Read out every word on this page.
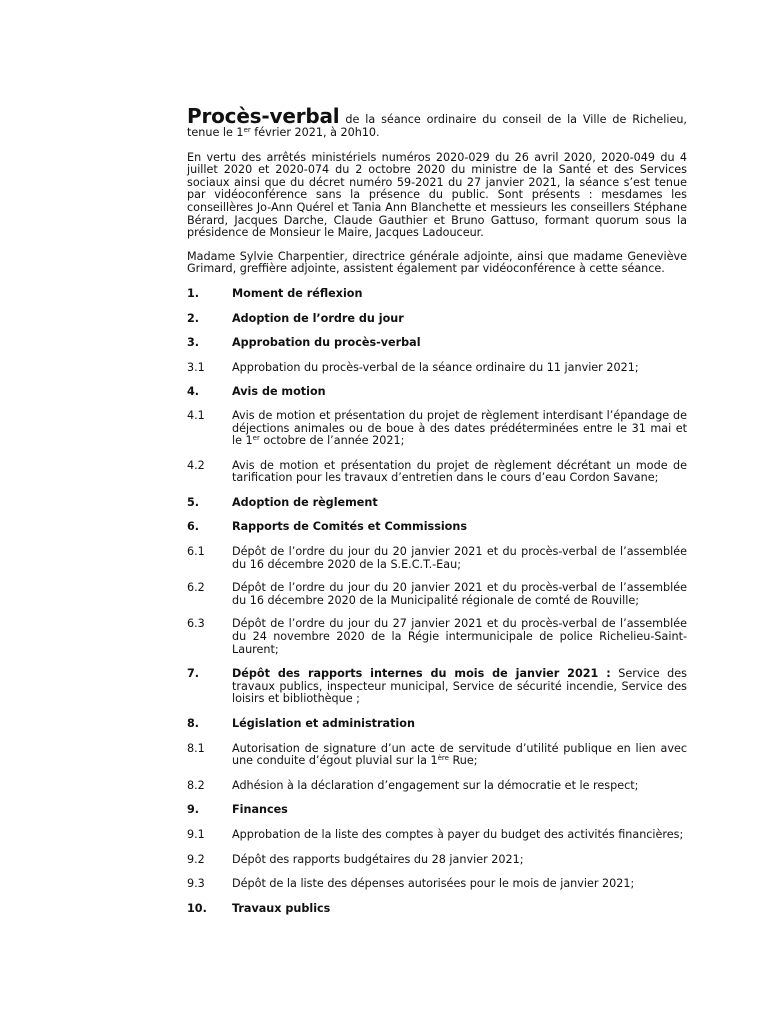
Procès-verbal de la séance ordinaire du conseil de la Ville de Richelieu,
tenue le 1er février 2021, à 20h10.

En vertu des arrêtés ministériels numéros 2020-029 du 26 avril 2020, 2020-049 du 4 juillet 2020 et 2020-074 du 2 octobre 2020 du ministre de la Santé et des Services sociaux ainsi que du décret numéro 59-2021 du 27 janvier 2021, la séance s’est tenue par vidéoconférence sans la présence du public. Sont présents : mesdames les conseillères Jo-Ann Quérel et Tania Ann Blanchette et messieurs les conseillers Stéphane Bérard, Jacques Darche, Claude Gauthier et Bruno Gattuso, formant quorum sous la présidence de Monsieur le Maire, Jacques Ladouceur.

Madame Sylvie Charpentier, directrice générale adjointe, ainsi que madame Geneviève Grimard, greffière adjointe, assistent également par vidéoconférence à cette séance.

1.	Moment de réflexion
2.	Adoption de l’ordre du jour
3.	Approbation du procès-verbal
3.1	Approbation du procès-verbal de la séance ordinaire du 11 janvier 2021;
4.	Avis de motion
4.1	Avis de motion et présentation du projet de règlement interdisant l’épandage de déjections animales ou de boue à des dates prédéterminées entre le 31 mai et le 1er octobre de l’année 2021;
4.2	Avis de motion et présentation du projet de règlement décrétant un mode de tarification pour les travaux d’entretien dans le cours d’eau Cordon Savane;
5.	Adoption de règlement
6.	Rapports de Comités et Commissions
6.1	Dépôt de l’ordre du jour du 20 janvier 2021 et du procès-verbal de l’assemblée du 16 décembre 2020 de la S.E.C.T.-Eau;
6.2	Dépôt de l’ordre du jour du 20 janvier 2021 et du procès-verbal de l’assemblée du 16 décembre 2020 de la Municipalité régionale de comté de Rouville;
6.3	Dépôt de l’ordre du jour du 27 janvier 2021 et du procès-verbal de l’assemblée du 24 novembre 2020 de la Régie intermunicipale de police Richelieu-Saint-Laurent;
7.	Dépôt des rapports internes du mois de janvier 2021 : Service des travaux publics, inspecteur municipal, Service de sécurité incendie, Service des loisirs et bibliothèque ;
8.	Législation et administration
8.1	Autorisation de signature d’un acte de servitude d’utilité publique en lien avec une conduite d’égout pluvial sur la 1ère Rue;
8.2	Adhésion à la déclaration d’engagement sur la démocratie et le respect;
9.	Finances
9.1	Approbation de la liste des comptes à payer du budget des activités financières;
9.2	Dépôt des rapports budgétaires du 28 janvier 2021;
9.3	Dépôt de la liste des dépenses autorisées pour le mois de janvier 2021;
10.	Travaux publics
